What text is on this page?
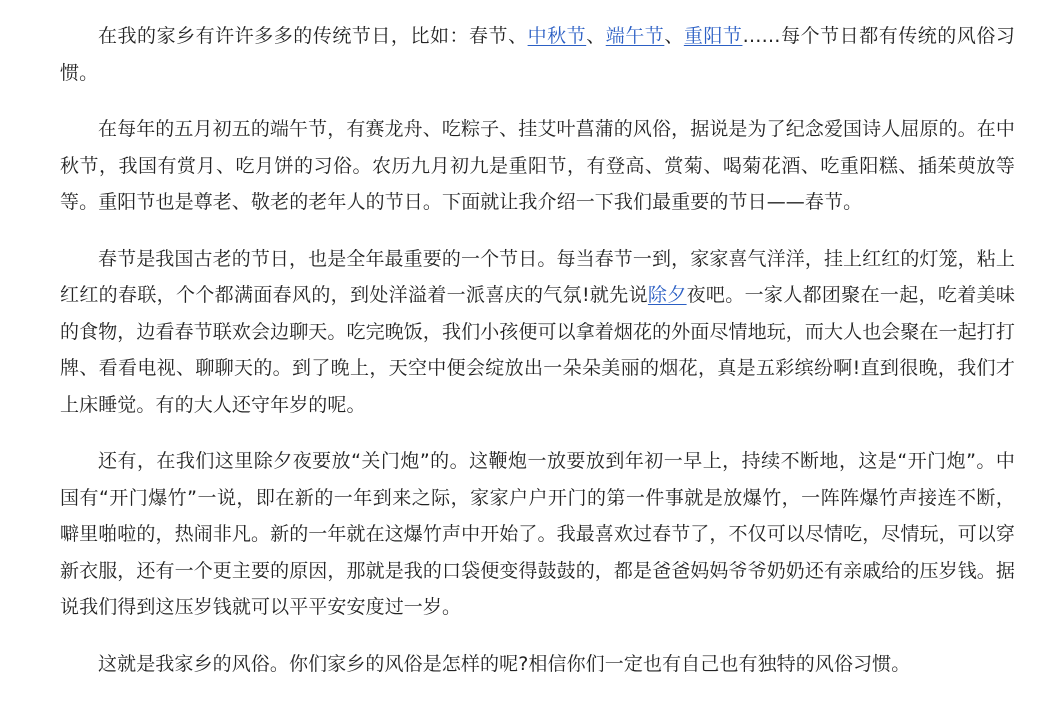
在我的家乡有许许多多的传统节日，比如：春节、中秋节、端午节、重阳节……每个节日都有传统的风俗习惯。

在每年的五月初五的端午节，有赛龙舟、吃粽子、挂艾叶菖蒲的风俗，据说是为了纪念爱国诗人屈原的。在中秋节，我国有赏月、吃月饼的习俗。农历九月初九是重阳节，有登高、赏菊、喝菊花酒、吃重阳糕、插茱萸放等等。重阳节也是尊老、敬老的老年人的节日。下面就让我介绍一下我们最重要的节日——春节。

春节是我国古老的节日，也是全年最重要的一个节日。每当春节一到，家家喜气洋洋，挂上红红的灯笼，粘上红红的春联，个个都满面春风的，到处洋溢着一派喜庆的气氛!就先说除夕夜吧。一家人都团聚在一起，吃着美味的食物，边看春节联欢会边聊天。吃完晚饭，我们小孩便可以拿着烟花的外面尽情地玩，而大人也会聚在一起打打牌、看看电视、聊聊天的。到了晚上，天空中便会绽放出一朵朵美丽的烟花，真是五彩缤纷啊!直到很晚，我们才上床睡觉。有的大人还守年岁的呢。

还有，在我们这里除夕夜要放“关门炮”的。这鞭炮一放要放到年初一早上，持续不断地，这是“开门炮”。中国有“开门爆竹”一说，即在新的一年到来之际，家家户户开门的第一件事就是放爆竹，一阵阵爆竹声接连不断，噼里啪啦的，热闹非凡。新的一年就在这爆竹声中开始了。我最喜欢过春节了，不仅可以尽情吃，尽情玩，可以穿新衣服，还有一个更主要的原因，那就是我的口袋便变得鼓鼓的，都是爸爸妈妈爷爷奶奶还有亲戚给的压岁钱。据说我们得到这压岁钱就可以平平安安度过一岁。

这就是我家乡的风俗。你们家乡的风俗是怎样的呢?相信你们一定也有自己也有独特的风俗习惯。
